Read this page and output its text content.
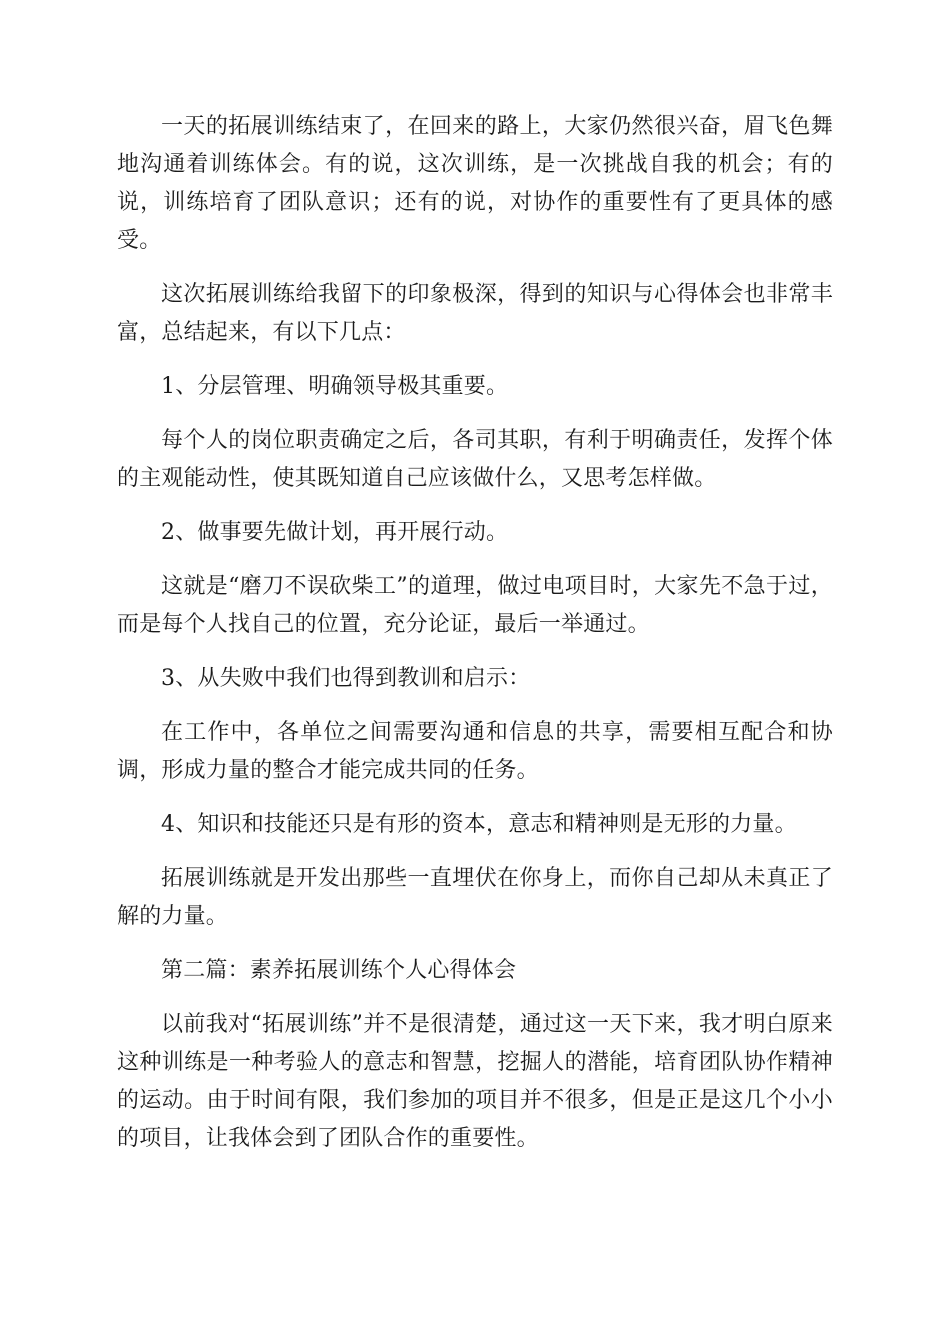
一天的拓展训练结束了，在回来的路上，大家仍然很兴奋，眉飞色舞地沟通着训练体会。有的说，这次训练，是一次挑战自我的机会；有的说，训练培育了团队意识；还有的说，对协作的重要性有了更具体的感受。

这次拓展训练给我留下的印象极深，得到的知识与心得体会也非常丰富，总结起来，有以下几点：

1、分层管理、明确领导极其重要。

每个人的岗位职责确定之后，各司其职，有利于明确责任，发挥个体的主观能动性，使其既知道自己应该做什么，又思考怎样做。

2、做事要先做计划，再开展行动。

这就是“磨刀不误砍柴工”的道理，做过电项目时，大家先不急于过，而是每个人找自己的位置，充分论证，最后一举通过。

3、从失败中我们也得到教训和启示：

在工作中，各单位之间需要沟通和信息的共享，需要相互配合和协调，形成力量的整合才能完成共同的任务。

4、知识和技能还只是有形的资本，意志和精神则是无形的力量。

拓展训练就是开发出那些一直埋伏在你身上，而你自己却从未真正了解的力量。

第二篇：素养拓展训练个人心得体会

以前我对“拓展训练”并不是很清楚，通过这一天下来，我才明白原来这种训练是一种考验人的意志和智慧，挖掘人的潜能，培育团队协作精神的运动。由于时间有限，我们参加的项目并不很多，但是正是这几个小小的项目，让我体会到了团队合作的重要性。
